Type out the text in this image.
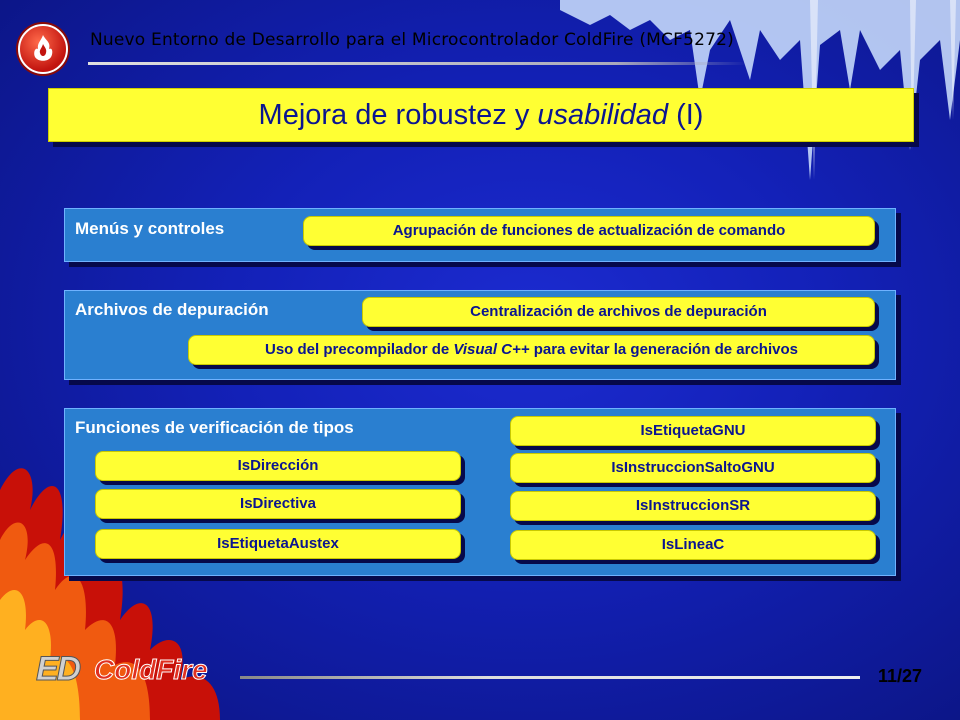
Nuevo Entorno de Desarrollo para el Microcontrolador ColdFire (MCF5272)
Mejora de robustez y usabilidad (I)
Menús y controles	Agrupación de funciones de actualización de comando
Archivos de depuración	Centralización de archivos de depuración
Uso del precompilador de Visual C++ para evitar la generación de archivos
Funciones de verificación de tipos
IsDirección
IsDirectiva
IsEtiquetaAustex
IsEtiquetaGNU
IsInstruccionSaltoGNU
IsInstruccionSR
IsLineaC
ED ColdFire	11/27
